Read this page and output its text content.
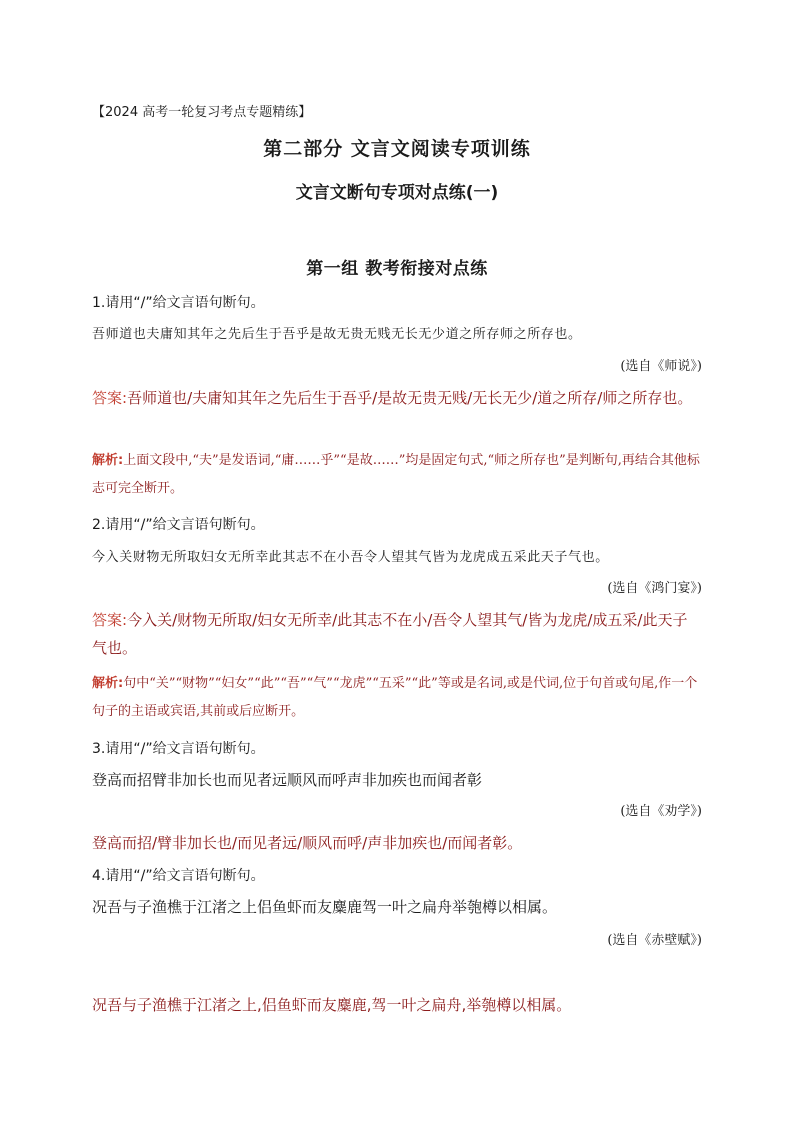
【2024 高考一轮复习考点专题精练】
第二部分 文言文阅读专项训练
文言文断句专项对点练(一)
第一组 教考衔接对点练
1.请用“/”给文言语句断句。
吾师道也夫庸知其年之先后生于吾乎是故无贵无贱无长无少道之所存师之所存也。
(选自《师说》)
答案:吾师道也/夫庸知其年之先后生于吾乎/是故无贵无贱/无长无少/道之所存/师之所存也。
解析:上面文段中,“夫”是发语词,“庸……乎”“是故……”均是固定句式,“师之所存也”是判断句,再结合其他标志可完全断开。
2.请用“/”给文言语句断句。
今入关财物无所取妇女无所幸此其志不在小吾令人望其气皆为龙虎成五采此天子气也。
(选自《鸿门宴》)
答案:今入关/财物无所取/妇女无所幸/此其志不在小/吾令人望其气/皆为龙虎/成五采/此天子气也。
解析:句中“关”“财物”“妇女”“此”“吾”“气”“龙虎”“五采”“此”等或是名词,或是代词,位于句首或句尾,作一个句子的主语或宾语,其前或后应断开。
3.请用“/”给文言语句断句。
登高而招臂非加长也而见者远顺风而呼声非加疾也而闻者彰
(选自《劝学》)
登高而招/臂非加长也/而见者远/顺风而呼/声非加疾也/而闻者彰。
4.请用“/”给文言语句断句。
况吾与子渔樵于江渚之上侣鱼虾而友麋鹿驾一叶之扁舟举匏樽以相属。
(选自《赤壁赋》)
况吾与子渔樵于江渚之上,侣鱼虾而友麋鹿,驾一叶之扁舟,举匏樽以相属。
